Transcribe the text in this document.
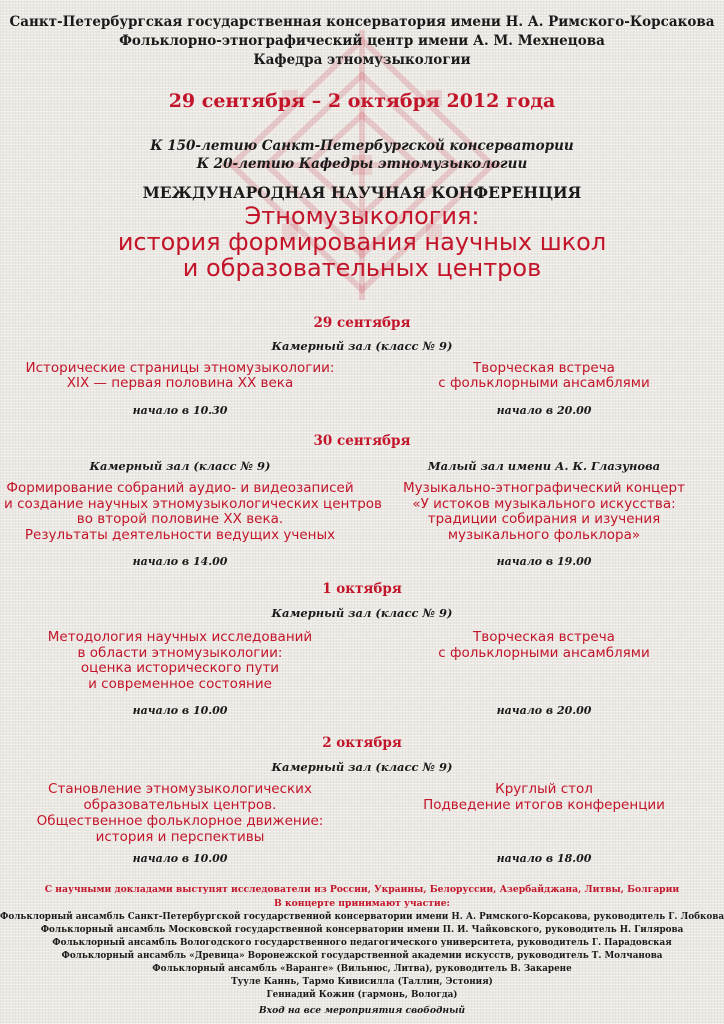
Санкт-Петербургская государственная консерватория имени Н. А. Римского-Корсакова
Фольклорно-этнографический центр имени А. М. Мехнецова
Кафедра этномузыкологии
29 сентября – 2 октября 2012 года
К 150-летию Санкт-Петербургской консерватории
К 20-летию Кафедры этномузыкологии
МЕЖДУНАРОДНАЯ НАУЧНАЯ КОНФЕРЕНЦИЯ
Этномузыкология:
история формирования научных школ
и образовательных центров
29 сентября
Камерный зал (класс № 9)
Исторические страницы этномузыкологии:
XIX — первая половина XX века
начало в 10.30
Творческая встреча
с фольклорными ансамблями
начало в 20.00
30 сентября
Камерный зал (класс № 9)	Малый зал имени А. К. Глазунова
Формирование собраний аудио- и видеозаписей
и создание научных этномузыкологических центров
во второй половине XX века.
Результаты деятельности ведущих ученых
начало в 14.00
Музыкально-этнографический концерт
«У истоков музыкального искусства:
традиции собирания и изучения
музыкального фольклора»
начало в 19.00
1 октября
Камерный зал (класс № 9)
Методология научных исследований
в области этномузыкологии:
оценка исторического пути
и современное состояние
начало в 10.00
Творческая встреча
с фольклорными ансамблями
начало в 20.00
2 октября
Камерный зал (класс № 9)
Становление этномузыкологических
образовательных центров.
Общественное фольклорное движение:
история и перспективы
начало в 10.00
Круглый стол
Подведение итогов конференции
начало в 18.00
С научными докладами выступят исследователи из России, Украины, Белоруссии, Азербайджана, Литвы, Болгарии
В концерте принимают участие:
Фольклорный ансамбль Санкт-Петербургской государственной консерватории имени Н. А. Римского-Корсакова, руководитель Г. Лобкова
Фольклорный ансамбль Московской государственной консерватории имени П. И. Чайковского, руководитель Н. Гилярова
Фольклорный ансамбль Вологодского государственного педагогического университета, руководитель Г. Парадовская
Фольклорный ансамбль «Древица» Воронежской государственной академии искусств, руководитель Т. Молчанова
Фольклорный ансамбль «Варанге» (Вильнюс, Литва), руководитель В. Закарене
Тууле Каннь, Тармо Кивисилла (Таллин, Эстония)
Геннадий Кожин (гармонь, Вологда)
Вход на все мероприятия свободный
